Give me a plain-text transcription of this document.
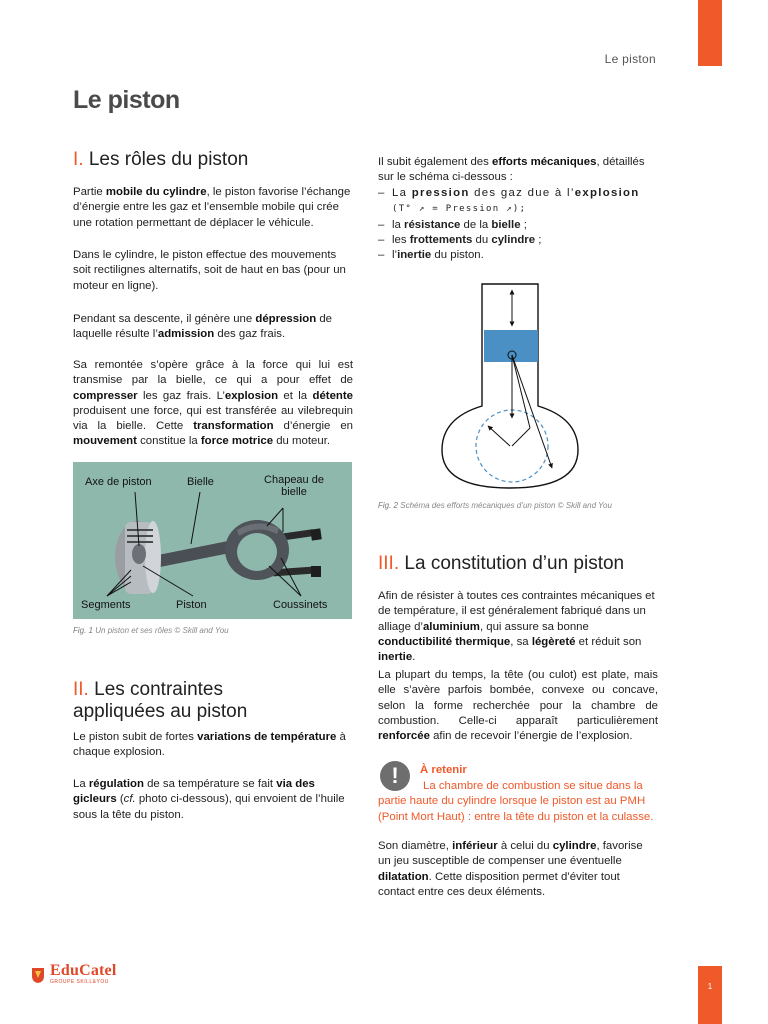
Le piston
Le piston
I. Les rôles du piston

Partie mobile du cylindre, le piston favorise l’échange d’énergie entre les gaz et l’ensemble mobile qui crée une rotation permettant de déplacer le véhicule.

Dans le cylindre, le piston effectue des mouvements soit rectilignes alternatifs, soit de haut en bas (pour un moteur en ligne).

Pendant sa descente, il génère une dépression de laquelle résulte l’admission des gaz frais.

Sa remontée s’opère grâce à la force qui lui est transmise par la bielle, ce qui a pour effet de compresser les gaz frais. L’explosion et la détente produisent une force, qui est transférée au vilebrequin via la bielle. Cette transformation d’énergie en mouvement constitue la force motrice du moteur.

Axe de piston	Bielle	Chapeau de bielle
Segments	Piston	Coussinets

Fig. 1 Un piston et ses rôles © Skill and You

II. Les contraintes
appliquées au piston

Le piston subit de fortes variations de température à chaque explosion.

La régulation de sa température se fait via des gicleurs (cf. photo ci-dessous), qui envoient de l’huile sous la tête du piston.

Il subit également des efforts mécaniques, détaillés sur le schéma ci-dessous :

– La pression des gaz due à l’explosion
(T° ↗ = Pression ↗);
– la résistance de la bielle ;
– les frottements du cylindre ;
– l’inertie du piston.

Fig. 2 Schéma des efforts mécaniques d’un piston © Skill and You

III. La constitution d’un piston

Afin de résister à toutes ces contraintes mécaniques et de température, il est généralement fabriqué dans un alliage d’aluminium, qui assure sa bonne conductibilité thermique, sa légèreté et réduit son inertie.

La plupart du temps, la tête (ou culot) est plate, mais elle s’avère parfois bombée, convexe ou concave, selon la forme recherchée pour la chambre de combustion. Celle-ci apparaît particulièrement renforcée afin de recevoir l’énergie de l’explosion.

!	À retenir

La chambre de combustion se situe dans la partie haute du cylindre lorsque le piston est au PMH (Point Mort Haut) : entre la tête du piston et la culasse.

Son diamètre, inférieur à celui du cylindre, favorise un jeu susceptible de compenser une éventuelle dilatation. Cette disposition permet d’éviter tout contact entre ces deux éléments.

EduCatel
GROUPE SKILL&YOU	1
